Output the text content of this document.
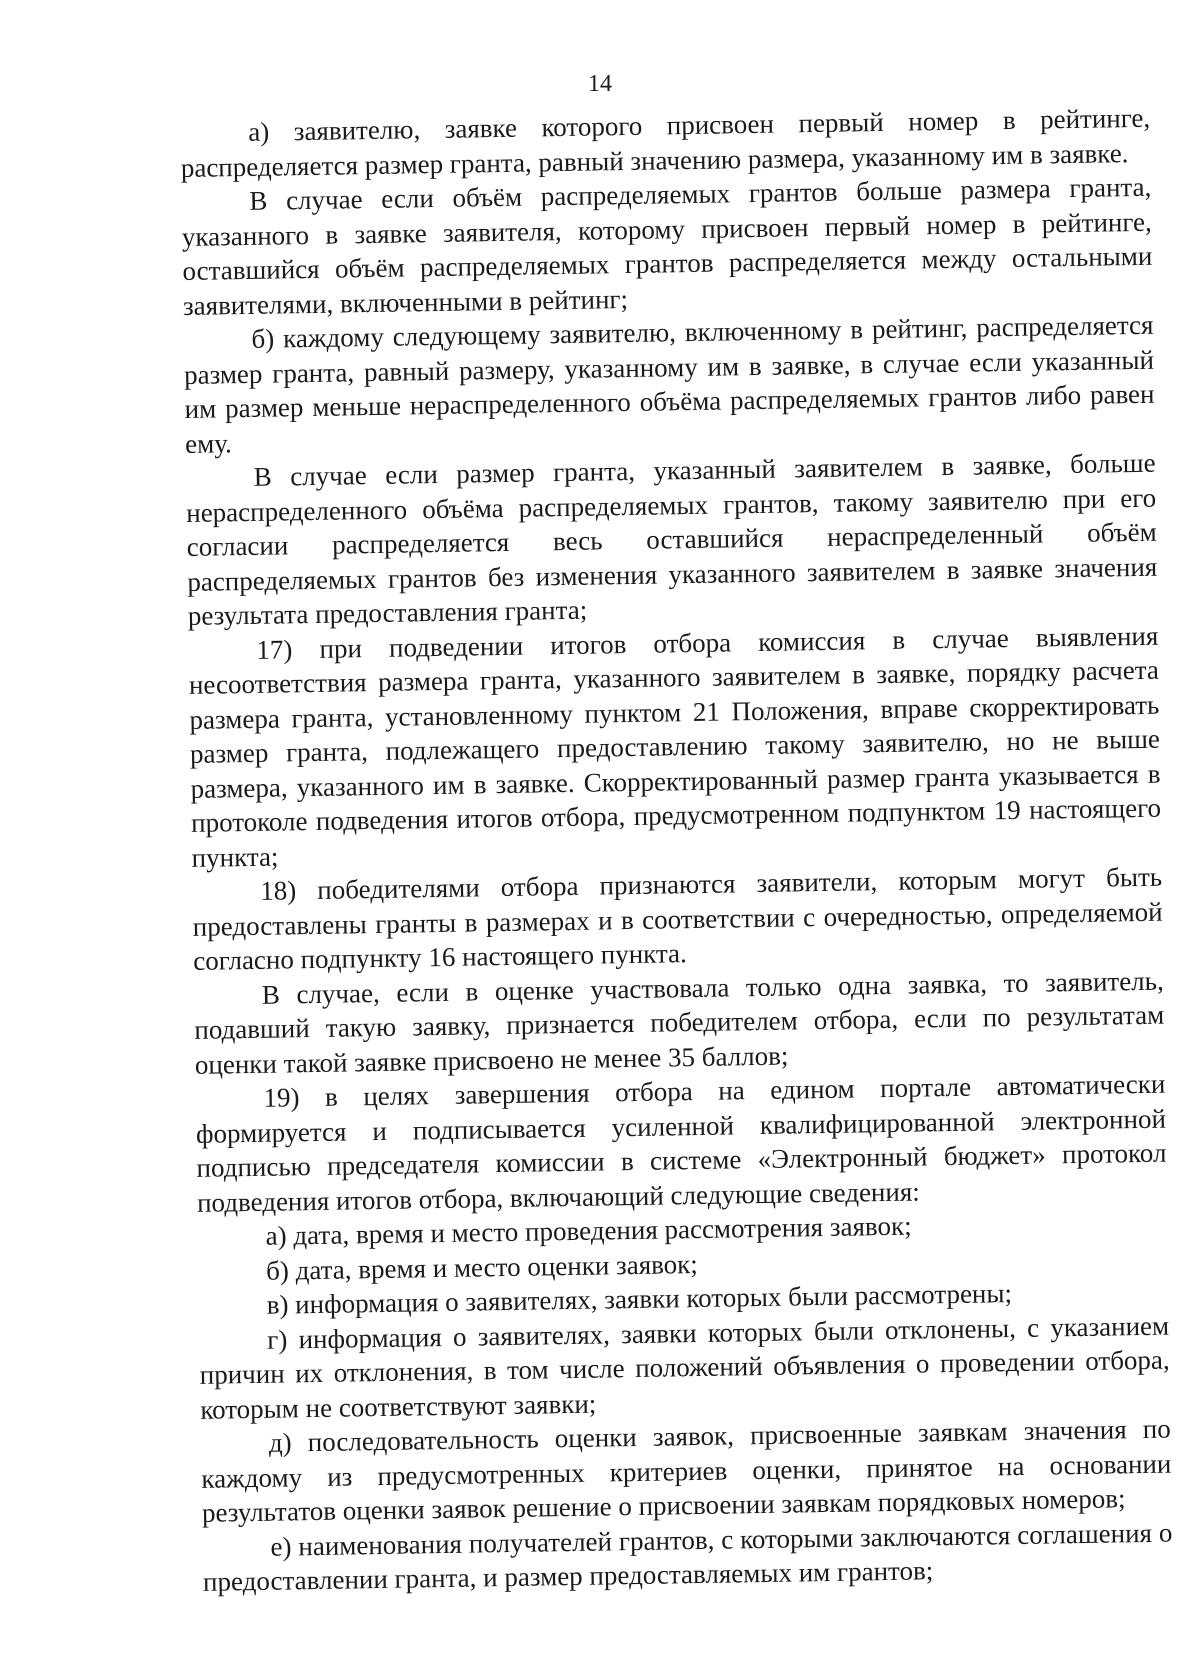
14

а) заявителю, заявке которого присвоен первый номер в рейтинге, распределяется размер гранта, равный значению размера, указанному им в заявке.

В случае если объём распределяемых грантов больше размера гранта, указанного в заявке заявителя, которому присвоен первый номер в рейтинге, оставшийся объём распределяемых грантов распределяется между остальными заявителями, включенными в рейтинг;

б) каждому следующему заявителю, включенному в рейтинг, распределяется размер гранта, равный размеру, указанному им в заявке, в случае если указанный им размер меньше нераспределенного объёма распределяемых грантов либо равен ему.

В случае если размер гранта, указанный заявителем в заявке, больше нераспределенного объёма распределяемых грантов, такому заявителю при его согласии распределяется весь оставшийся нераспределенный объём распределяемых грантов без изменения указанного заявителем в заявке значения результата предоставления гранта;

17) при подведении итогов отбора комиссия в случае выявления несоответствия размера гранта, указанного заявителем в заявке, порядку расчета размера гранта, установленному пунктом 21 Положения, вправе скорректировать размер гранта, подлежащего предоставлению такому заявителю, но не выше размера, указанного им в заявке. Скорректированный размер гранта указывается в протоколе подведения итогов отбора, предусмотренном подпунктом 19 настоящего пункта;

18) победителями отбора признаются заявители, которым могут быть предоставлены гранты в размерах и в соответствии с очередностью, определяемой согласно подпункту 16 настоящего пункта.

В случае, если в оценке участвовала только одна заявка, то заявитель, подавший такую заявку, признается победителем отбора, если по результатам оценки такой заявке присвоено не менее 35 баллов;

19) в целях завершения отбора на едином портале автоматически формируется и подписывается усиленной квалифицированной электронной подписью председателя комиссии в системе «Электронный бюджет» протокол подведения итогов отбора, включающий следующие сведения:

а) дата, время и место проведения рассмотрения заявок;

б) дата, время и место оценки заявок;

в) информация о заявителях, заявки которых были рассмотрены;

г) информация о заявителях, заявки которых были отклонены, с указанием причин их отклонения, в том числе положений объявления о проведении отбора, которым не соответствуют заявки;

д) последовательность оценки заявок, присвоенные заявкам значения по каждому из предусмотренных критериев оценки, принятое на основании результатов оценки заявок решение о присвоении заявкам порядковых номеров;

е) наименования получателей грантов, с которыми заключаются соглашения о предоставлении гранта, и размер предоставляемых им грантов;
